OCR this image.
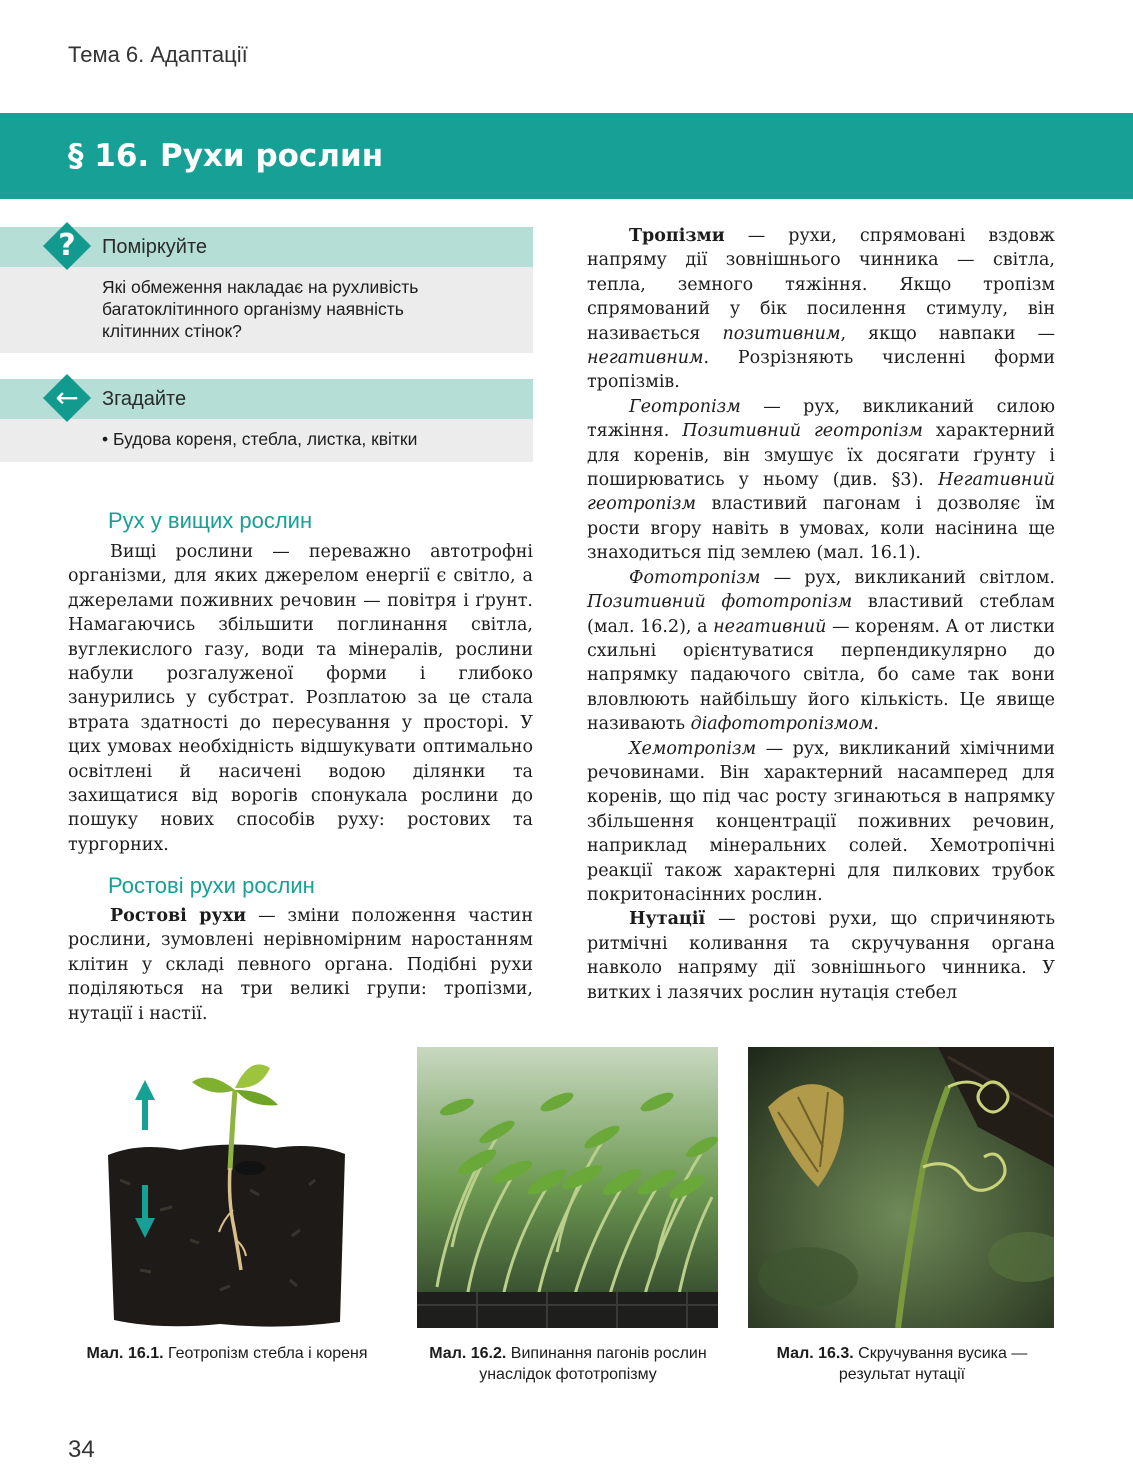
Тема 6. Адаптації
§ 16. Рухи рослин
?	Поміркуйте
Які обмеження накладає на рухливість багатоклітинного організму наявність клітинних стінок?
←	Згадайте
• Будова кореня, стебла, листка, квітки
Рух у вищих рослин

Вищі рослини — переважно автотрофні організми, для яких джерелом енергії є світло, а джерелами поживних речовин — повітря і ґрунт. Намагаючись збільшити поглинання світла, вуглекислого газу, води та мінералів, рослини набули розгалуженої форми і глибоко занурились у субстрат. Розплатою за це стала втрата здатності до пересування у просторі. У цих умовах необхідність відшукувати оптимально освітлені й насичені водою ділянки та захищатися від ворогів спонукала рослини до пошуку нових способів руху: ростових та тургорних.

Ростові рухи рослин

Ростові рухи — зміни положення частин рослини, зумовлені нерівномірним наростанням клітин у складі певного органа. Подібні рухи поділяються на три великі групи: тропізми, нутації і настії.

Тропізми — рухи, спрямовані вздовж напряму дії зовнішнього чинника — світла, тепла, земного тяжіння. Якщо тропізм спрямований у бік посилення стимулу, він називається позитивним, якщо навпаки — негативним. Розрізняють численні форми тропізмів.

Геотропізм — рух, викликаний силою тяжіння. Позитивний геотропізм характерний для коренів, він змушує їх досягати ґрунту і поширюватись у ньому (див. §3). Негативний геотропізм властивий пагонам і дозволяє їм рости вгору навіть в умовах, коли насінина ще знаходиться під землею (мал. 16.1).

Фототропізм — рух, викликаний світлом. Позитивний фототропізм властивий стеблам (мал. 16.2), а негативний — кореням. А от листки схильні орієнтуватися перпендикулярно до напрямку падаючого світла, бо саме так вони вловлюють найбільшу його кількість. Це явище називають діафототропізмом.

Хемотропізм — рух, викликаний хімічними речовинами. Він характерний насамперед для коренів, що під час росту згинаються в напрямку збільшення концентрації поживних речовин, наприклад мінеральних солей. Хемотропічні реакції також характерні для пилкових трубок покритонасінних рослин.

Нутації — ростові рухи, що спричиняють ритмічні коливання та скручування органа навколо напряму дії зовнішнього чинника. У витких і лазячих рослин нутація стебел

Мал. 16.1. Геотропізм стебла і кореня	Мал. 16.2. Випинання пагонів рослин унаслідок фототропізму
Мал. 16.3. Скручування вусика — результат нутації
34
